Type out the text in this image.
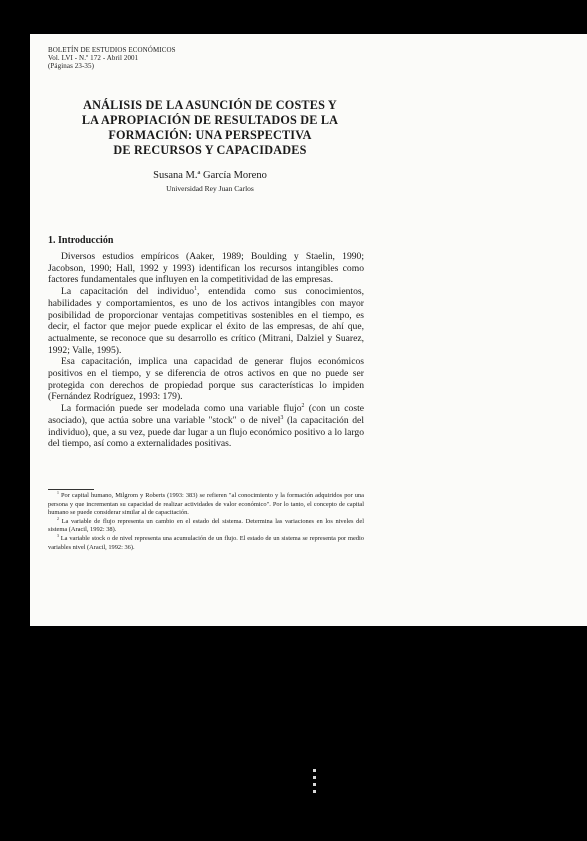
BOLETÍN DE ESTUDIOS ECONÓMICOS
Vol. LVI - N.º 172 - Abril 2001
(Páginas 23-35)
ANÁLISIS DE LA ASUNCIÓN DE COSTES Y
LA APROPIACIÓN DE RESULTADOS DE LA
FORMACIÓN: UNA PERSPECTIVA
DE RECURSOS Y CAPACIDADES
Susana M.ª García Moreno
Universidad Rey Juan Carlos
1. Introducción

Diversos estudios empíricos (Aaker, 1989; Boulding y Staelin, 1990; Jacobson, 1990; Hall, 1992 y 1993) identifican los recursos intangibles como factores fundamentales que influyen en la competitividad de las empresas.

La capacitación del individuo$^1$, entendida como sus conocimientos, habilidades y comportamientos, es uno de los activos intangibles con mayor posibilidad de proporcionar ventajas competitivas sostenibles en el tiempo, es decir, el factor que mejor puede explicar el éxito de las empresas, de ahí que, actualmente, se reconoce que su desarrollo es crítico (Mitrani, Dalziel y Suarez, 1992; Valle, 1995).

Esa capacitación, implica una capacidad de generar flujos económicos positivos en el tiempo, y se diferencia de otros activos en que no puede ser protegida con derechos de propiedad porque sus características lo impiden (Fernández Rodríguez, 1993: 179).

La formación puede ser modelada como una variable flujo$^2$ (con un coste asociado), que actúa sobre una variable "stock" o de nivel$^3$ (la capacitación del individuo), que, a su vez, puede dar lugar a un flujo económico positivo a lo largo del tiempo, así como a externalidades positivas.

$^1$ Por capital humano, Milgrom y Roberts (1993: 383) se refieren "al conocimiento y la formación adquiridos por una persona y que incrementan su capacidad de realizar actividades de valor económico". Por lo tanto, el concepto de capital humano se puede considerar similar al de capacitación.

$^2$ La variable de flujo representa un cambio en el estado del sistema. Determina las variaciones en los niveles del sistema (Aracil, 1992: 38).

$^3$ La variable stock o de nivel representa una acumulación de un flujo. El estado de un sistema se representa por medio variables nivel (Aracil, 1992: 36).
